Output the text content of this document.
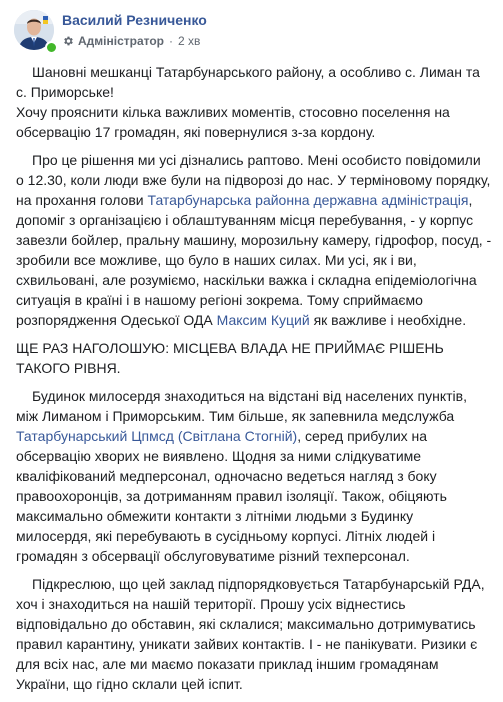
Василий Резниченко
Адміністратор · 2 хв

Шановні мешканці Татарбунарського району, а особливо с. Лиман та с. Приморське!

Хочу прояснити кілька важливих моментів, стосовно поселення на обсервацію 17 громадян, які повернулися з-за кордону.

Про це рішення ми усі дізнались раптово. Мені особисто повідомили о 12.30, коли люди вже були на підворозі до нас. У терміновому порядку, на прохання голови Татарбунарська районна державна адміністрація, допоміг з організацією і облаштуванням місця перебування, - у корпус завезли бойлер, пральну машину, морозильну камеру, гідрофор, посуд, - зробили все можливе, що було в наших силах. Ми усі, як і ви, схвильовані, але розуміємо, наскільки важка і складна епідеміологічна ситуація в країні і в нашому регіоні зокрема. Тому сприймаємо розпорядження Одеської ОДА Максим Куций як важливе і необхідне.

ЩЕ РАЗ НАГОЛОШУЮ: МІСЦЕВА ВЛАДА НЕ ПРИЙМАЄ РІШЕНЬ ТАКОГО РІВНЯ.

Будинок милосердя знаходиться на відстані від населених пунктів, між Лиманом і Приморським. Тим більше, як запевнила медслужба Татарбунарський Цпмсд (Світлана Стогній), серед прибулих на обсервацію хворих не виявлено. Щодня за ними слідкуватиме кваліфікований медперсонал, одночасно ведеться нагляд з боку правоохоронців, за дотриманням правил ізоляції. Також, обіцяють максимально обмежити контакти з літніми людьми з Будинку милосердя, які перебувають в сусідньому корпусі. Літніх людей і громадян з обсервації обслуговуватиме різний техперсонал.

Підкреслюю, що цей заклад підпорядковується Татарбунарській РДА, хоч і знаходиться на нашій території. Прошу усіх віднестись відповідально до обставин, які склалися; максимально дотримуватись правил карантину, уникати зайвих контактів. І - не панікувати. Ризики є для всіх нас, але ми маємо показати приклад іншим громадянам України, що гідно склали цей іспит.
